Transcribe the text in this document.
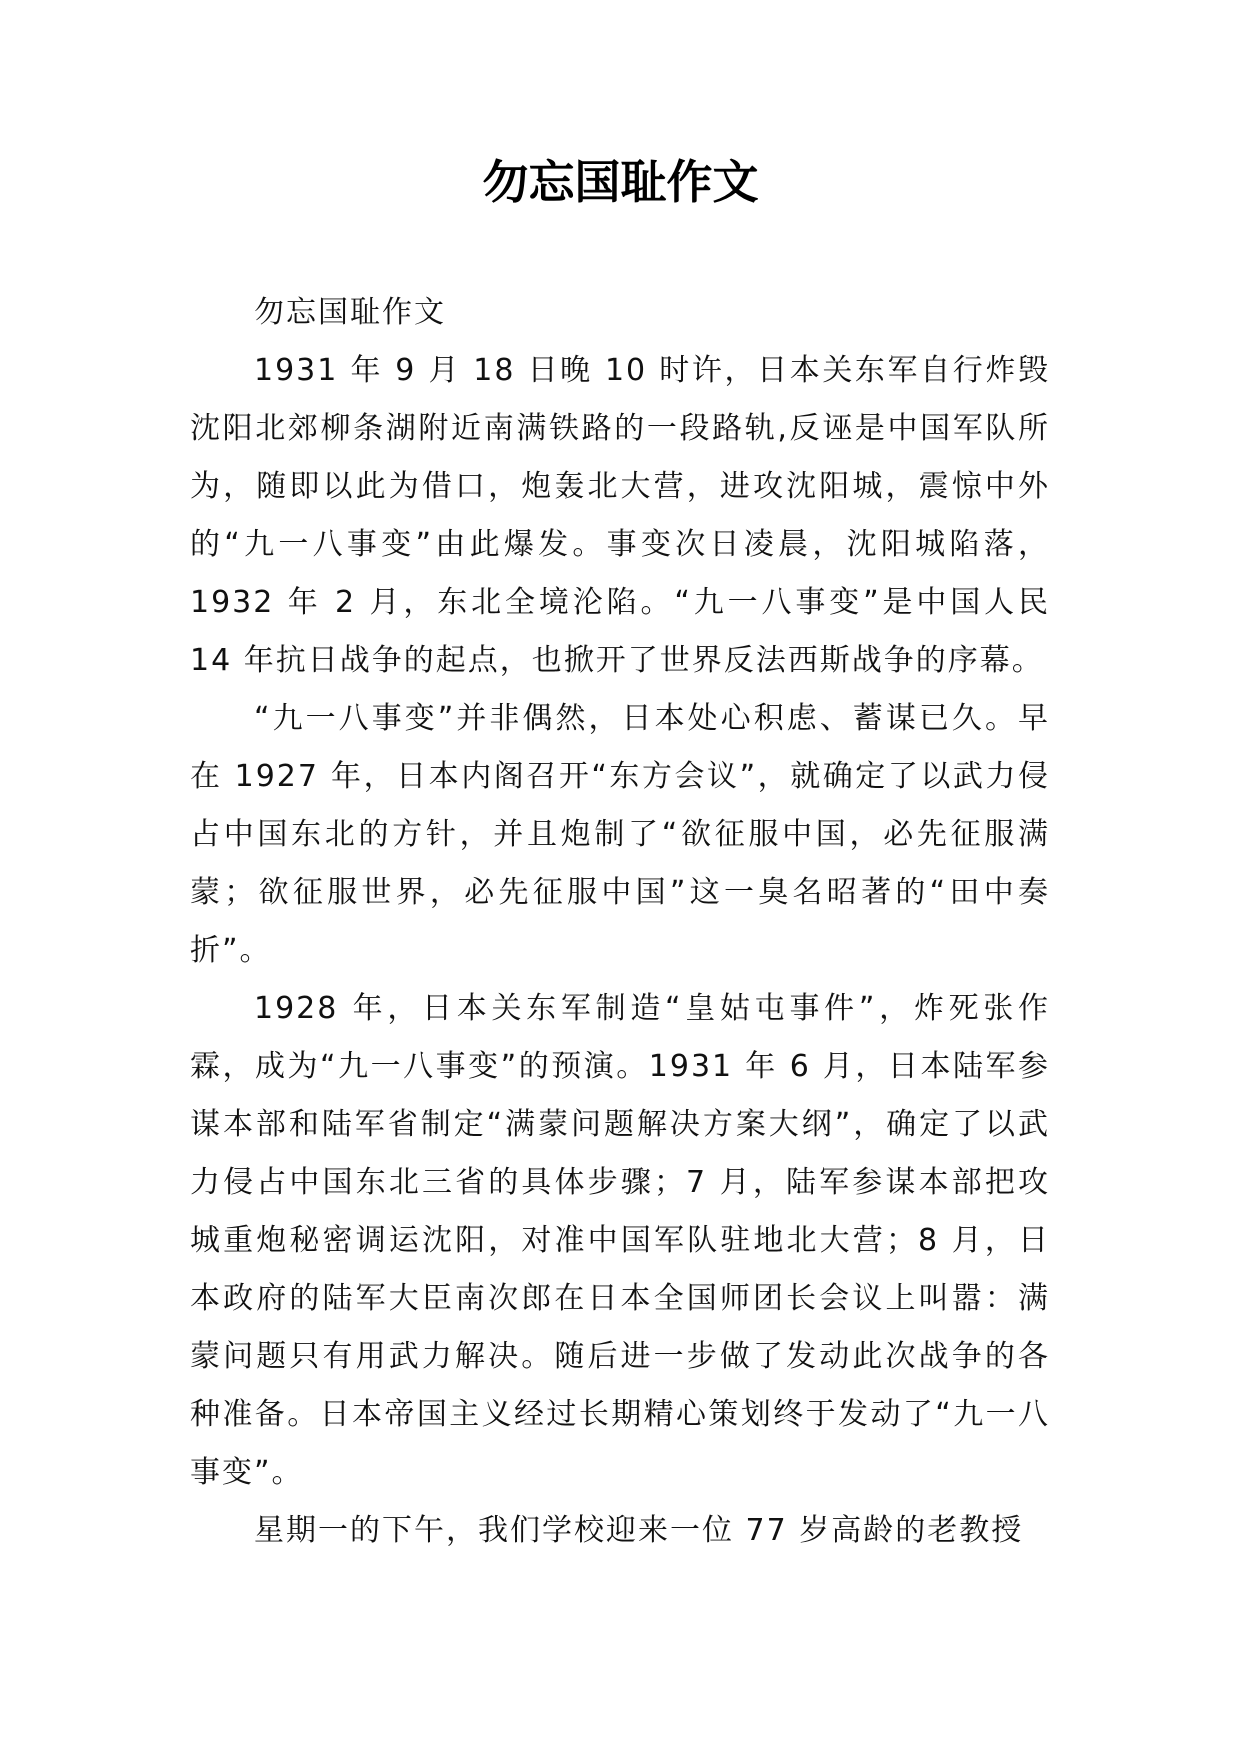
勿忘国耻作文

勿忘国耻作文

1931 年 9 月 18 日晚 10 时许，日本关东军自行炸毁沈阳北郊柳条湖附近南满铁路的一段路轨,反诬是中国军队所为，随即以此为借口，炮轰北大营，进攻沈阳城，震惊中外的“九一八事变”由此爆发。事变次日凌晨，沈阳城陷落，1932 年 2 月，东北全境沦陷。“九一八事变”是中国人民 14 年抗日战争的起点，也掀开了世界反法西斯战争的序幕。

“九一八事变”并非偶然，日本处心积虑、蓄谋已久。早在 1927 年，日本内阁召开“东方会议”，就确定了以武力侵占中国东北的方针，并且炮制了“欲征服中国，必先征服满蒙；欲征服世界，必先征服中国”这一臭名昭著的“田中奏折”。

1928 年，日本关东军制造“皇姑屯事件”，炸死张作霖，成为“九一八事变”的预演。1931 年 6 月，日本陆军参谋本部和陆军省制定“满蒙问题解决方案大纲”，确定了以武力侵占中国东北三省的具体步骤；7 月，陆军参谋本部把攻城重炮秘密调运沈阳，对准中国军队驻地北大营；8 月，日本政府的陆军大臣南次郎在日本全国师团长会议上叫嚣：满蒙问题只有用武力解决。随后进一步做了发动此次战争的各种准备。日本帝国主义经过长期精心策划终于发动了“九一八事变”。

星期一的下午，我们学校迎来一位 77 岁高龄的老教授
